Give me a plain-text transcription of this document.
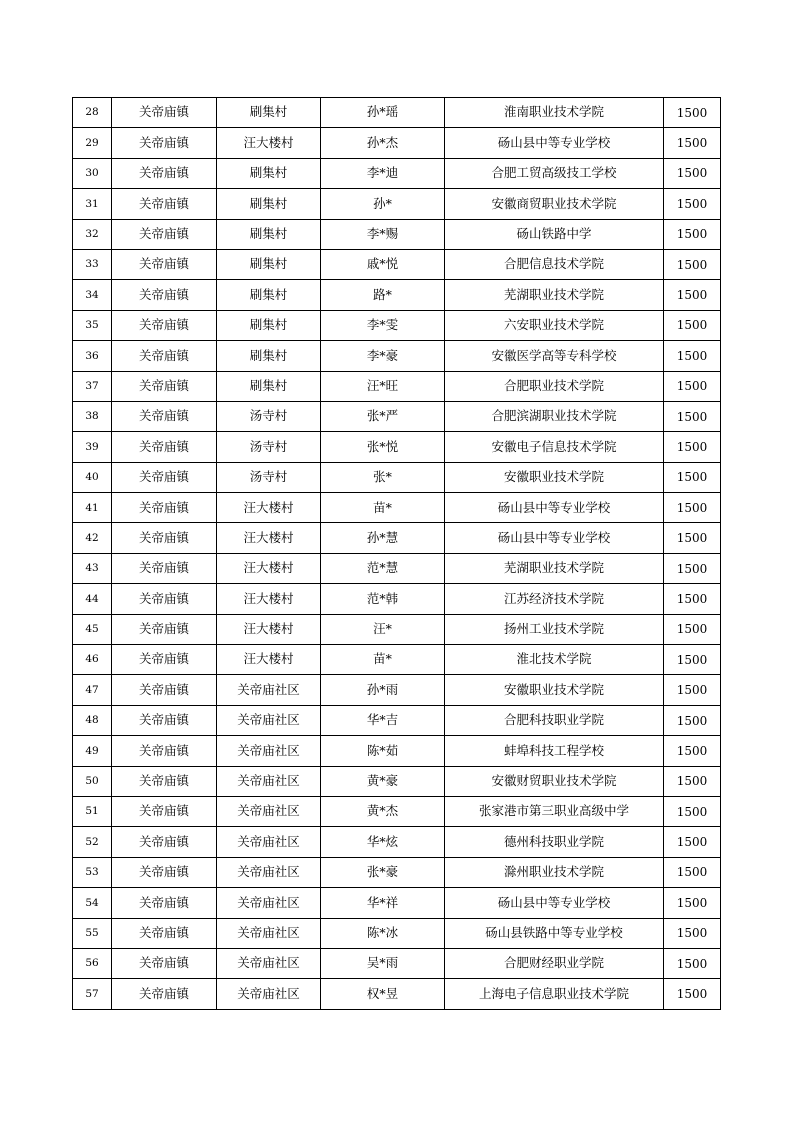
28	关帝庙镇	刷集村	孙*瑶	淮南职业技术学院	1500
29	关帝庙镇	汪大楼村	孙*杰	砀山县中等专业学校	1500
30	关帝庙镇	刷集村	李*迪	合肥工贸高级技工学校	1500
31	关帝庙镇	刷集村	孙*	安徽商贸职业技术学院	1500
32	关帝庙镇	刷集村	李*赐	砀山铁路中学	1500
33	关帝庙镇	刷集村	戚*悦	合肥信息技术学院	1500
34	关帝庙镇	刷集村	路*	芜湖职业技术学院	1500
35	关帝庙镇	刷集村	李*雯	六安职业技术学院	1500
36	关帝庙镇	刷集村	李*豪	安徽医学高等专科学校	1500
37	关帝庙镇	刷集村	汪*旺	合肥职业技术学院	1500
38	关帝庙镇	汤寺村	张*严	合肥滨湖职业技术学院	1500
39	关帝庙镇	汤寺村	张*悦	安徽电子信息技术学院	1500
40	关帝庙镇	汤寺村	张*	安徽职业技术学院	1500
41	关帝庙镇	汪大楼村	苗*	砀山县中等专业学校	1500
42	关帝庙镇	汪大楼村	孙*慧	砀山县中等专业学校	1500
43	关帝庙镇	汪大楼村	范*慧	芜湖职业技术学院	1500
44	关帝庙镇	汪大楼村	范*韩	江苏经济技术学院	1500
45	关帝庙镇	汪大楼村	汪*	扬州工业技术学院	1500
46	关帝庙镇	汪大楼村	苗*	淮北技术学院	1500
47	关帝庙镇	关帝庙社区	孙*雨	安徽职业技术学院	1500
48	关帝庙镇	关帝庙社区	华*吉	合肥科技职业学院	1500
49	关帝庙镇	关帝庙社区	陈*茹	蚌埠科技工程学校	1500
50	关帝庙镇	关帝庙社区	黄*豪	安徽财贸职业技术学院	1500
51	关帝庙镇	关帝庙社区	黄*杰	张家港市第三职业高级中学	1500
52	关帝庙镇	关帝庙社区	华*炫	德州科技职业学院	1500
53	关帝庙镇	关帝庙社区	张*豪	滁州职业技术学院	1500
54	关帝庙镇	关帝庙社区	华*祥	砀山县中等专业学校	1500
55	关帝庙镇	关帝庙社区	陈*冰	砀山县铁路中等专业学校	1500
56	关帝庙镇	关帝庙社区	吴*雨	合肥财经职业学院	1500
57	关帝庙镇	关帝庙社区	权*昱	上海电子信息职业技术学院	1500
